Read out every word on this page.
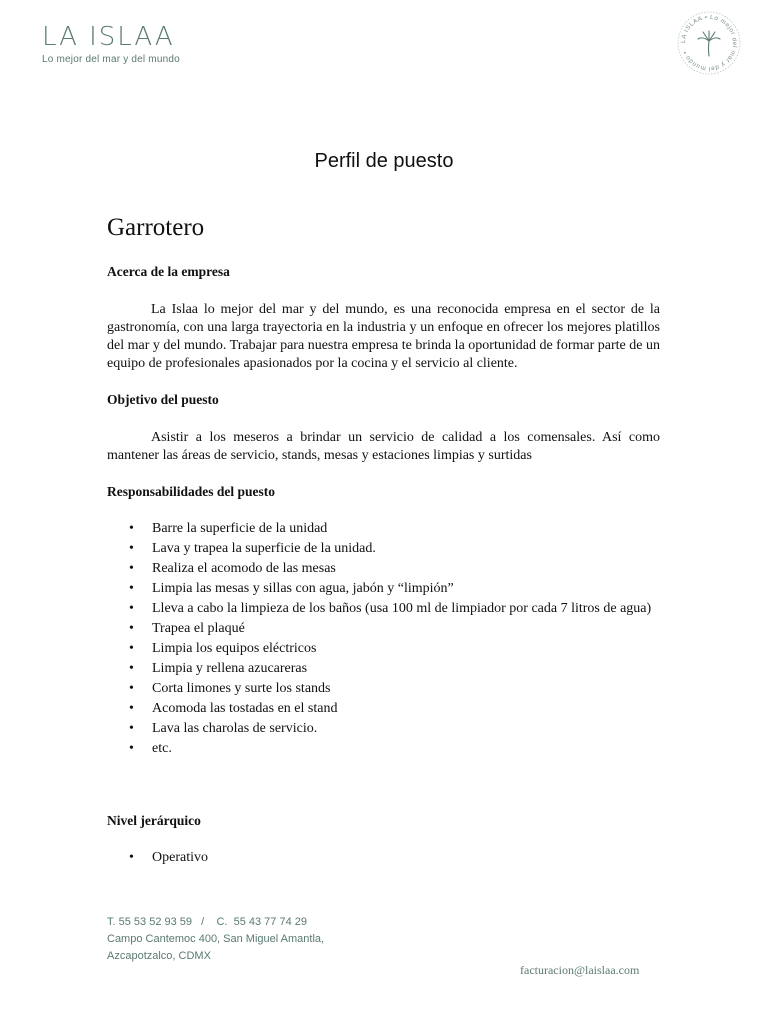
LA ISLAA
Lo mejor del mar y del mundo
LA ISLAA • Lo mejor del mar y del mundo •
Perfil de puesto
Garrotero
Acerca de la empresa

La Islaa lo mejor del mar y del mundo, es una reconocida empresa en el sector de la gastronomía, con una larga trayectoria en la industria y un enfoque en ofrecer los mejores platillos del mar y del mundo. Trabajar para nuestra empresa te brinda la oportunidad de formar parte de un equipo de profesionales apasionados por la cocina y el servicio al cliente.

Objetivo del puesto

Asistir a los meseros a brindar un servicio de calidad a los comensales. Así como mantener las áreas de servicio, stands, mesas y estaciones limpias y surtidas

Responsabilidades del puesto
• Barre la superficie de la unidad
• Lava y trapea la superficie de la unidad.
• Realiza el acomodo de las mesas
• Limpia las mesas y sillas con agua, jabón y “limpión”
• Lleva a cabo la limpieza de los baños (usa 100 ml de limpiador por cada 7 litros de agua)
• Trapea el plaqué
• Limpia los equipos eléctricos
• Limpia y rellena azucareras
• Corta limones y surte los stands
• Acomoda las tostadas en el stand
• Lava las charolas de servicio.
• etc.
Nivel jerárquico
• Operativo
T. 55 53 52 93 59   /    C.  55 43 77 74 29
Campo Cantemoc 400, San Miguel Amantla,
Azcapotzalco, CDMX
facturacion@laislaa.com
